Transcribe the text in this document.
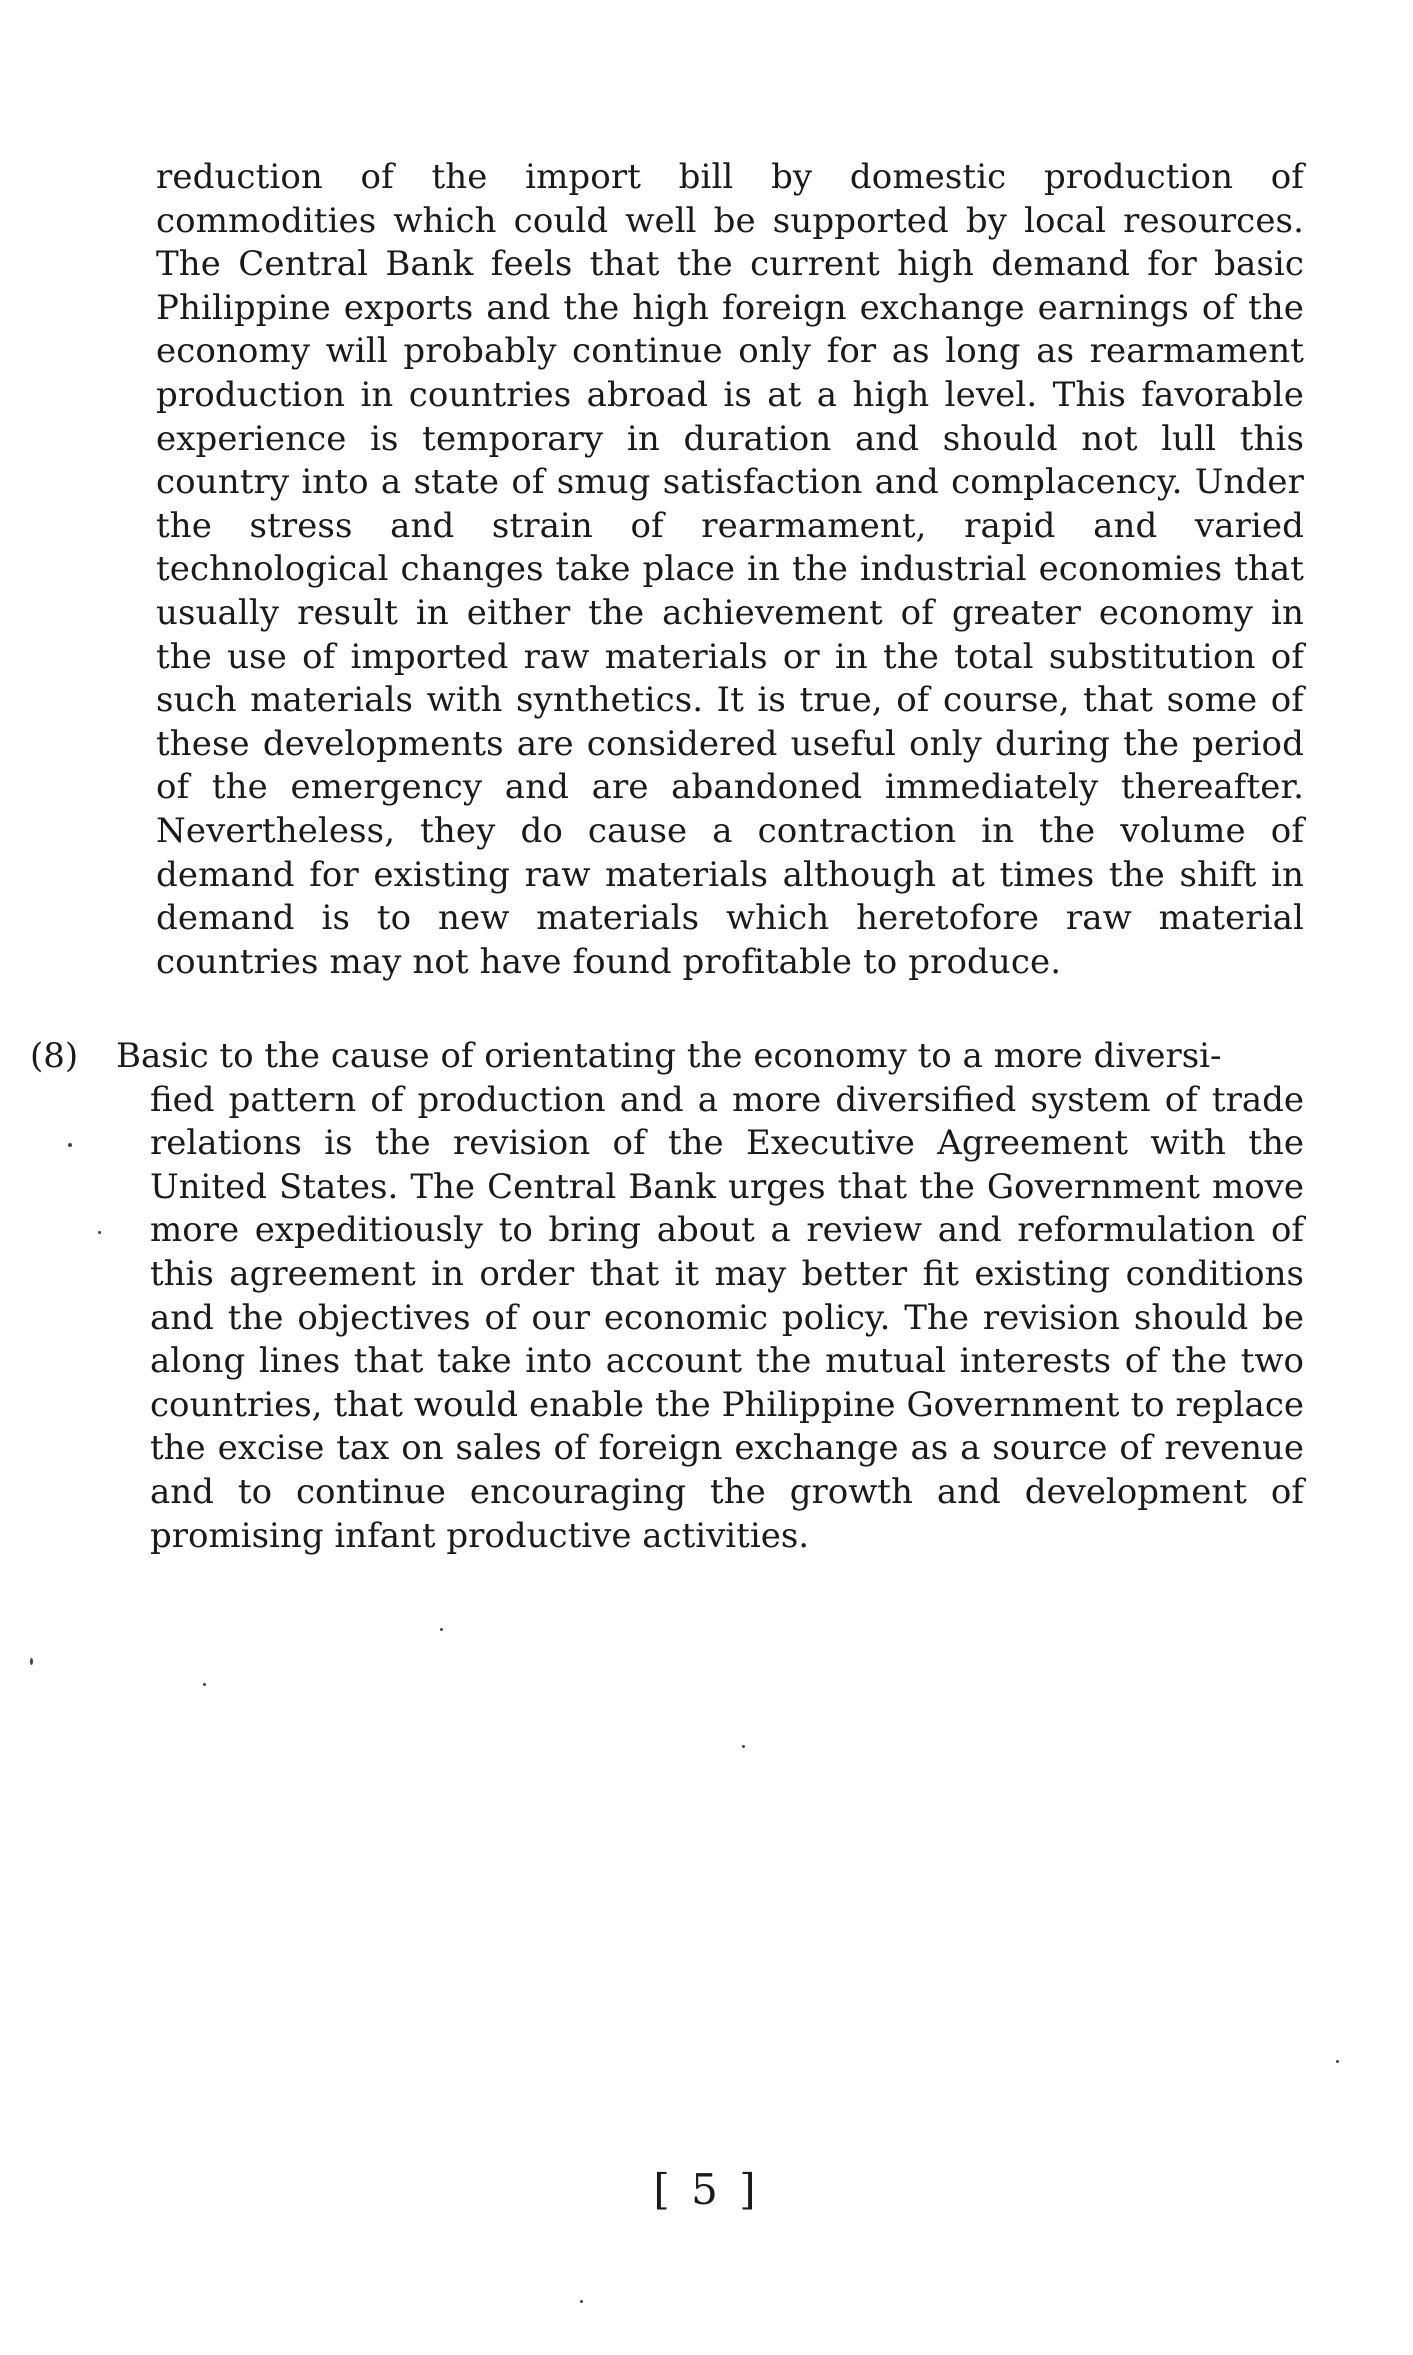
reduction of the import bill by domestic production of commodities which could well be supported by local resources. The Central Bank feels that the current high demand for basic Philippine exports and the high foreign exchange earnings of the economy will probably continue only for as long as rearmament production in countries abroad is at a high level. This favorable experience is temporary in duration and should not lull this country into a state of smug satisfaction and complacency. Under the stress and strain of rearmament, rapid and varied technological changes take place in the industrial economies that usually result in either the achievement of greater economy in the use of imported raw materials or in the total substitution of such materials with synthetics. It is true, of course, that some of these developments are considered useful only during the period of the emergency and are abandoned immediately thereafter. Nevertheless, they do cause a contraction in the volume of demand for existing raw materials although at times the shift in demand is to new materials which heretofore raw material countries may not have found profitable to produce.

(8) Basic to the cause of orientating the economy to a more diversi-

fied pattern of production and a more diversified system of trade relations is the revision of the Executive Agreement with the United States. The Central Bank urges that the Government move more expeditiously to bring about a review and reformulation of this agreement in order that it may better fit existing conditions and the objectives of our economic policy. The revision should be along lines that take into account the mutual interests of the two countries, that would enable the Philippine Government to replace the excise tax on sales of foreign exchange as a source of revenue and to continue encouraging the growth and development of promising infant productive activities.

[ 5 ]
